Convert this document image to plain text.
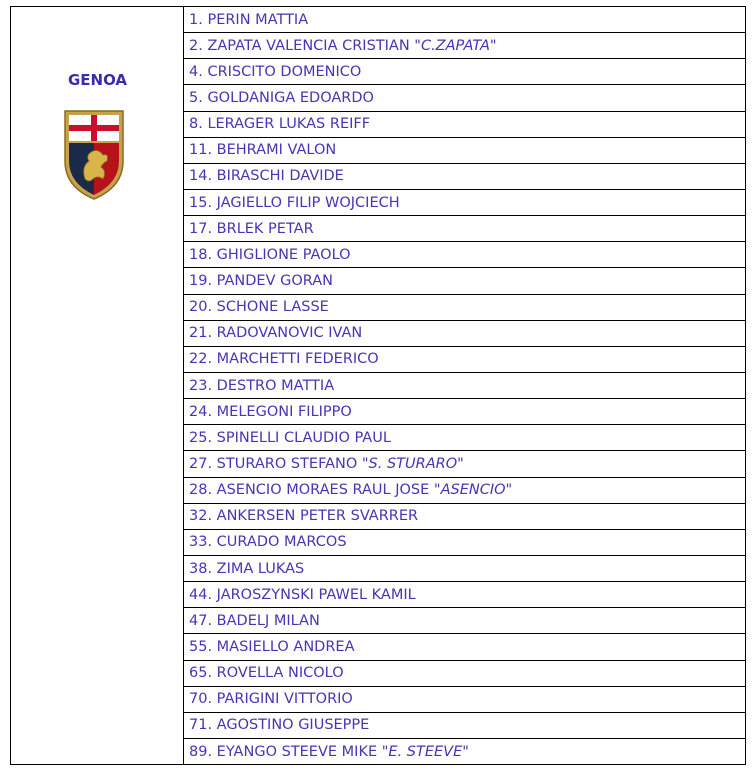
GENOA
1. PERIN MATTIA
2. ZAPATA VALENCIA CRISTIAN " C.ZAPATA "
4. CRISCITO DOMENICO
5. GOLDANIGA EDOARDO
8. LERAGER LUKAS REIFF
11. BEHRAMI VALON
14. BIRASCHI DAVIDE
15. JAGIELLO FILIP WOJCIECH
17. BRLEK PETAR
18. GHIGLIONE PAOLO
19. PANDEV GORAN
20. SCHONE LASSE
21. RADOVANOVIC IVAN
22. MARCHETTI FEDERICO
23. DESTRO MATTIA
24. MELEGONI FILIPPO
25. SPINELLI CLAUDIO PAUL
27. STURARO STEFANO " S. STURARO "
28. ASENCIO MORAES RAUL JOSE " ASENCIO "
32. ANKERSEN PETER SVARRER
33. CURADO MARCOS
38. ZIMA LUKAS
44. JAROSZYNSKI PAWEL KAMIL
47. BADELJ MILAN
55. MASIELLO ANDREA
65. ROVELLA NICOLO
70. PARIGINI VITTORIO
71. AGOSTINO GIUSEPPE
89. EYANGO STEEVE MIKE " E. STEEVE "
